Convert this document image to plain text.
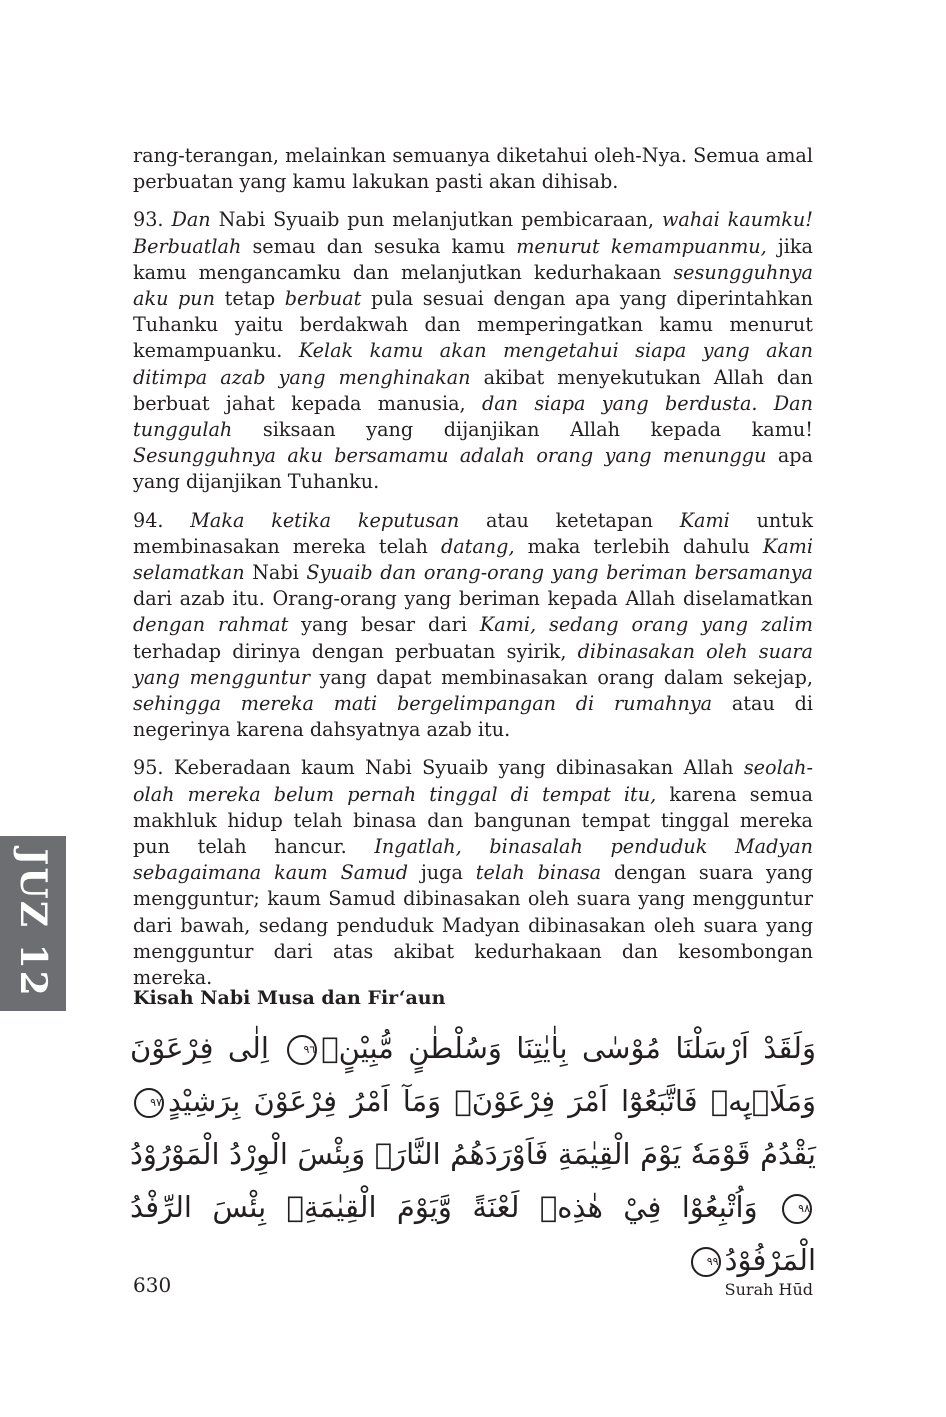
rang-terangan, melainkan semuanya diketahui oleh-Nya. Semua amal perbuatan yang kamu lakukan pasti akan dihisab.

93. Dan Nabi Syuaib pun melanjutkan pembicaraan, wahai kaumku! Berbuatlah semau dan sesuka kamu menurut kemampuanmu, jika kamu mengancamku dan melanjutkan kedurhakaan sesungguhnya aku pun tetap berbuat pula sesuai dengan apa yang diperintahkan Tuhanku yaitu berdakwah dan memperingatkan kamu menurut kemampuanku. Kelak kamu akan mengetahui siapa yang akan ditimpa azab yang menghinakan akibat menyekutukan Allah dan berbuat jahat kepada manusia, dan siapa yang berdusta. Dan tunggulah siksaan yang dijanjikan Allah kepada kamu! Sesungguhnya aku bersamamu adalah orang yang menunggu apa yang dijanjikan Tuhanku.

94. Maka ketika keputusan atau ketetapan Kami untuk membinasakan mereka telah datang, maka terlebih dahulu Kami selamatkan Nabi Syuaib dan orang-orang yang beriman bersamanya dari azab itu. Orang-orang yang beriman kepada Allah diselamatkan dengan rahmat yang besar dari Kami, sedang orang yang zalim terhadap dirinya dengan perbuatan syirik, dibinasakan oleh suara yang mengguntur yang dapat membinasakan orang dalam sekejap, sehingga mereka mati bergelimpangan di rumahnya atau di negerinya karena dahsyatnya azab itu.

95. Keberadaan kaum Nabi Syuaib yang dibinasakan Allah seolah-olah mereka belum pernah tinggal di tempat itu, karena semua makhluk hidup telah binasa dan bangunan tempat tinggal mereka pun telah hancur. Ingatlah, binasalah penduduk Madyan sebagaimana kaum Samud juga telah binasa dengan suara yang mengguntur; kaum Samud dibinasakan oleh suara yang mengguntur dari bawah, sedang penduduk Madyan dibinasakan oleh suara yang mengguntur dari atas akibat kedurhakaan dan kesombongan mereka.

JUZ 12
Kisah Nabi Musa dan Fir‘aun
وَلَقَدْ اَرْسَلْنَا مُوْسٰى بِاٰيٰتِنَا وَسُلْطٰنٍ مُّبِيْنٍۙ٩٦ اِلٰى فِرْعَوْنَ وَمَلَا۟ىِٕهٖ فَاتَّبَعُوْٓا اَمْرَ فِرْعَوْنَۚ وَمَآ اَمْرُ فِرْعَوْنَ بِرَشِيْدٍ٩٧ يَقْدُمُ قَوْمَهٗ يَوْمَ الْقِيٰمَةِ فَاَوْرَدَهُمُ النَّارَۗ وَبِئْسَ الْوِرْدُ الْمَوْرُوْدُ٩٨ وَاُتْبِعُوْا فِيْ هٰذِهٖ لَعْنَةً وَّيَوْمَ الْقِيٰمَةِۗ بِئْسَ الرِّفْدُ الْمَرْفُوْدُ٩٩
630	Surah Hūd
